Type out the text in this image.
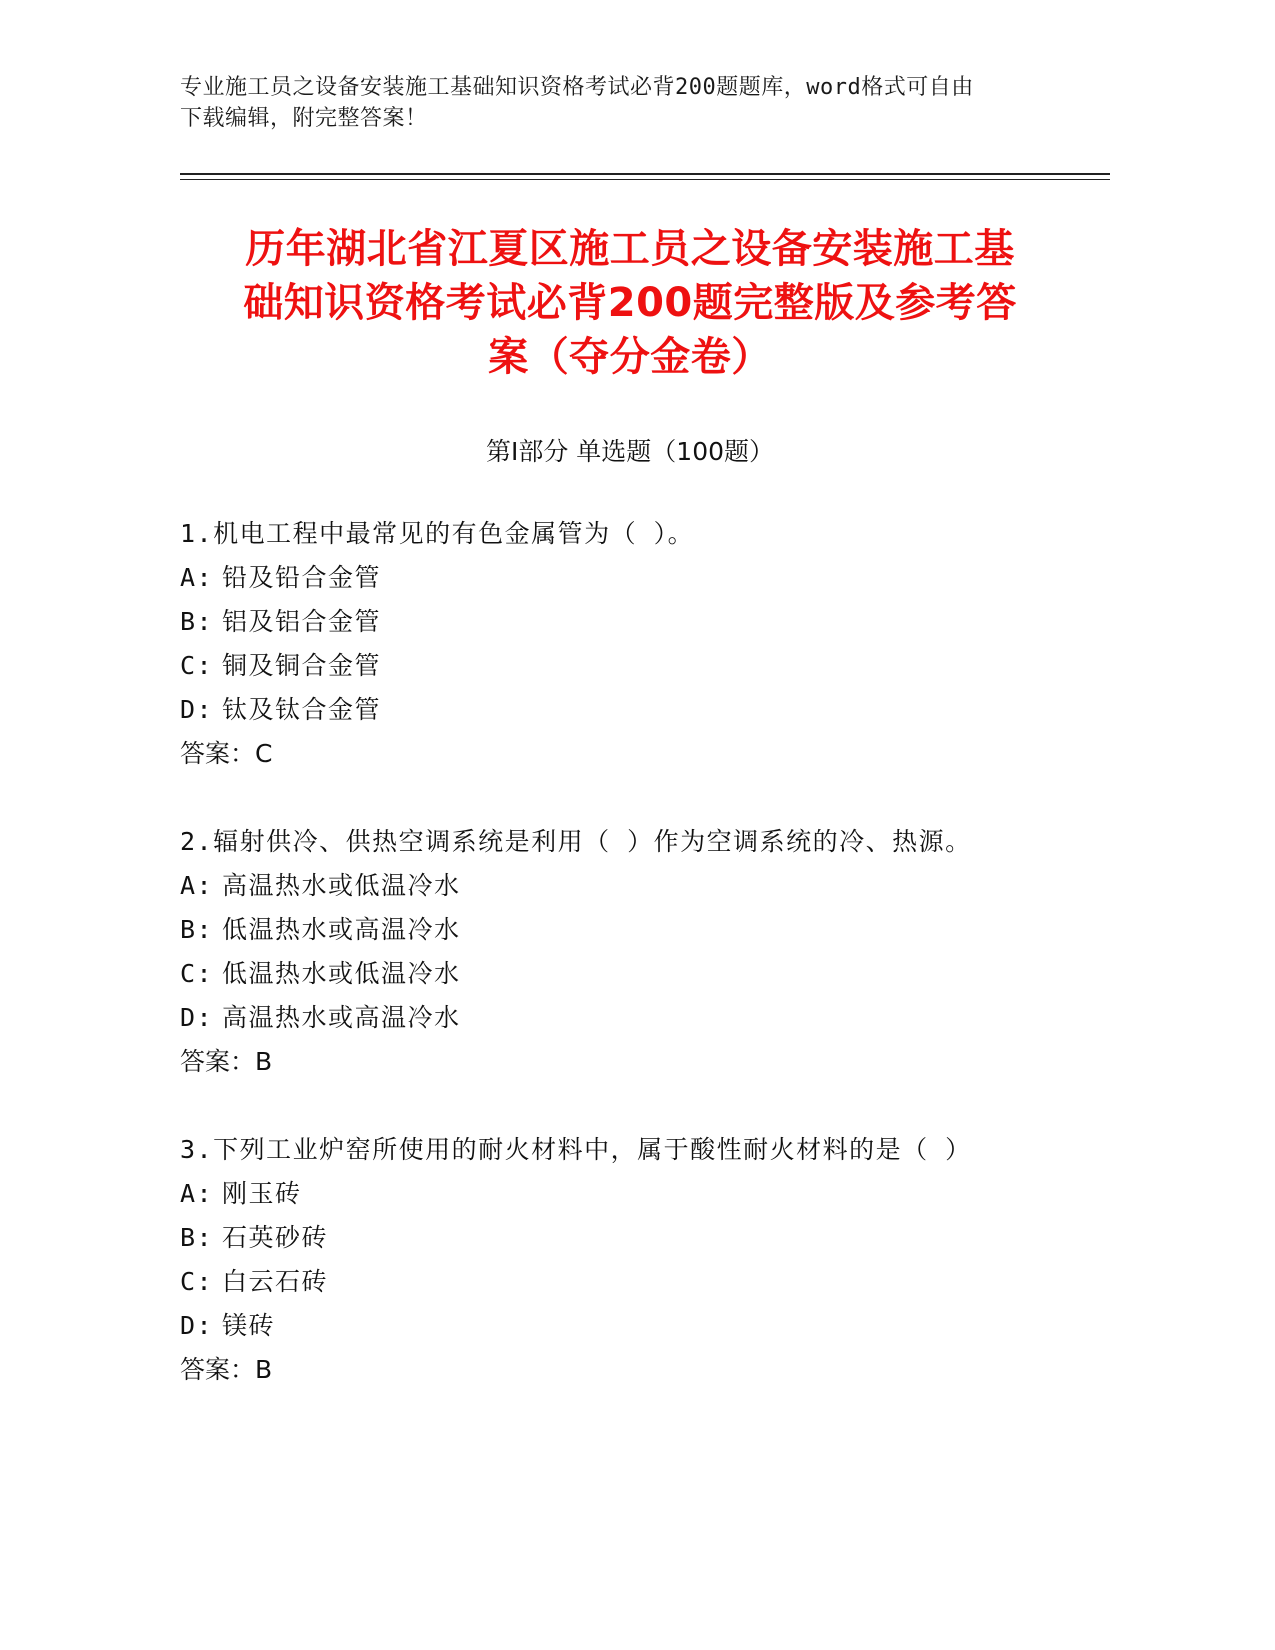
专业施工员之设备安装施工基础知识资格考试必背200题题库，word格式可自由
下载编辑，附完整答案！
历年湖北省江夏区施工员之设备安装施工基
础知识资格考试必背200题完整版及参考答
案（夺分金卷）
第I部分 单选题（100题）
1.机电工程中最常见的有色金属管为（ ）。
A: 铅及铅合金管
B: 铝及铝合金管
C: 铜及铜合金管
D: 钛及钛合金管
答案：C
2.辐射供冷、供热空调系统是利用（ ）作为空调系统的冷、热源。
A: 高温热水或低温冷水
B: 低温热水或高温冷水
C: 低温热水或低温冷水
D: 高温热水或高温冷水
答案：B
3.下列工业炉窑所使用的耐火材料中，属于酸性耐火材料的是（ ）
A: 刚玉砖
B: 石英砂砖
C: 白云石砖
D: 镁砖
答案：B
